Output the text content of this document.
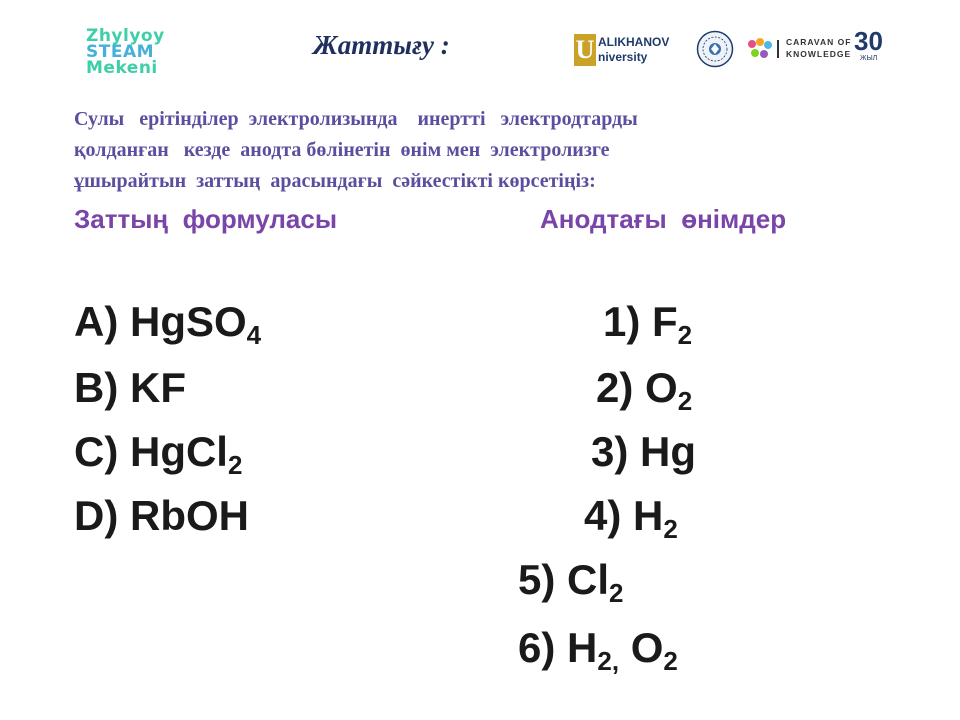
Zhylyoy
STEAM
Mekeni
Жаттығу :	U ALIKHANOV
niversity
CARAVAN OF
KNOWLEDGE 30
ЖЫЛ
Сулы   ерітінділер  электролизында    инертті   электродтарды
қолданған   кезде  анодта бөлінетін  өнім мен  электролизге
ұшырайтын  заттың  арасындағы  сәйкестікті көрсетіңіз:
Заттың  формуласы	Анодтағы  өнімдер
A) HgSO$_4$
B) KF
C) HgCl$_2$
D) RbOH
1) $F_2$
2) $O_2$
3) Hg
4) $H_2$
5) $Cl_2$
6) $H_{2,}$ $O_2$
